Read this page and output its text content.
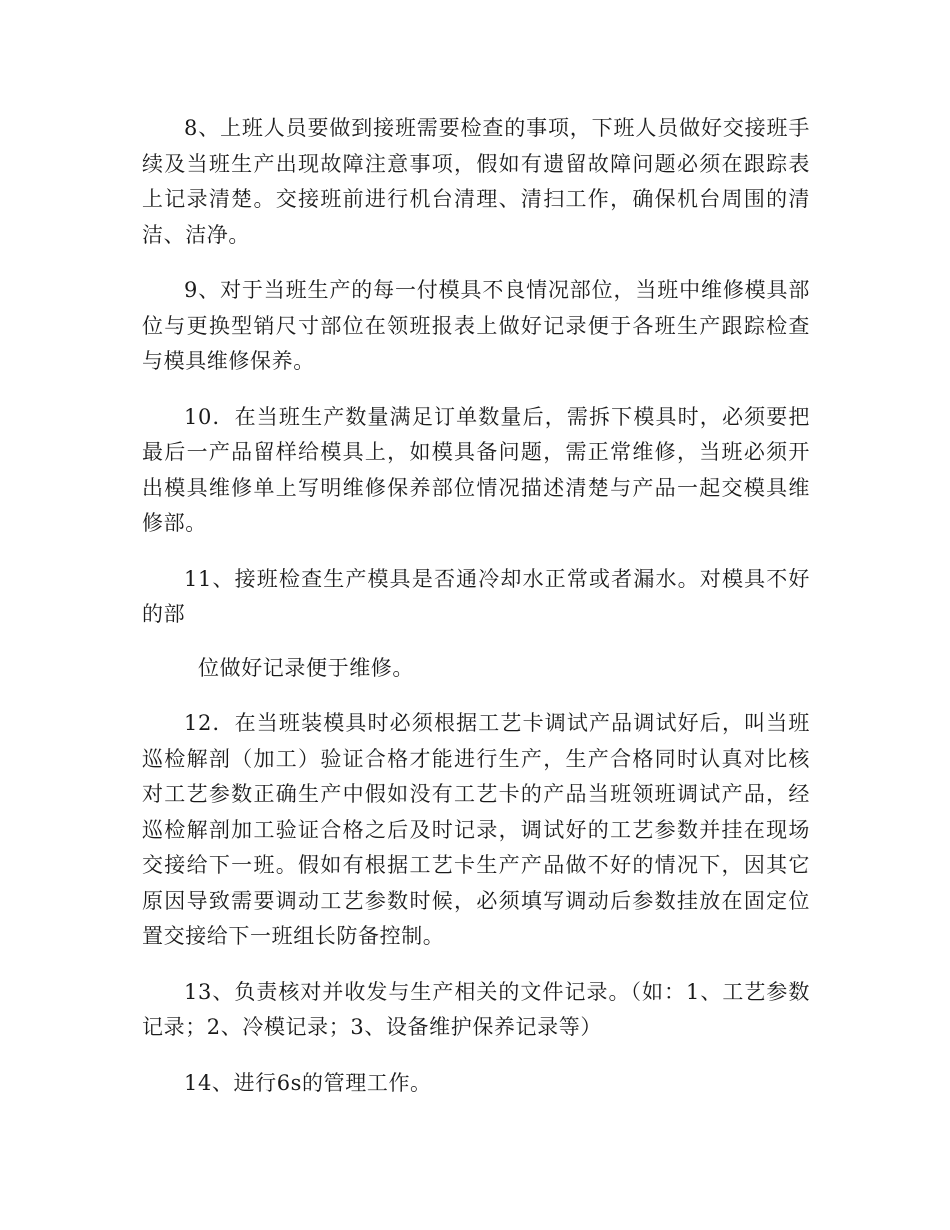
8、上班人员要做到接班需要检查的事项，下班人员做好交接班手续及当班生产出现故障注意事项，假如有遗留故障问题必须在跟踪表上记录清楚。交接班前进行机台清理、清扫工作，确保机台周围的清洁、洁净。

9、对于当班生产的每一付模具不良情况部位，当班中维修模具部位与更换型销尺寸部位在领班报表上做好记录便于各班生产跟踪检查与模具维修保养。

10．在当班生产数量满足订单数量后，需拆下模具时，必须要把最后一产品留样给模具上，如模具备问题，需正常维修，当班必须开出模具维修单上写明维修保养部位情况描述清楚与产品一起交模具维修部。

11、接班检查生产模具是否通冷却水正常或者漏水。对模具不好的部

位做好记录便于维修。

12．在当班装模具时必须根据工艺卡调试产品调试好后，叫当班巡检解剖（加工）验证合格才能进行生产，生产合格同时认真对比核对工艺参数正确生产中假如没有工艺卡的产品当班领班调试产品，经巡检解剖加工验证合格之后及时记录，调试好的工艺参数并挂在现场交接给下一班。假如有根据工艺卡生产产品做不好的情况下，因其它原因导致需要调动工艺参数时候，必须填写调动后参数挂放在固定位置交接给下一班组长防备控制。

13、负责核对并收发与生产相关的文件记录。（如：1、工艺参数记录；2、冷模记录；3、设备维护保养记录等）

14、进行6s的管理工作。
